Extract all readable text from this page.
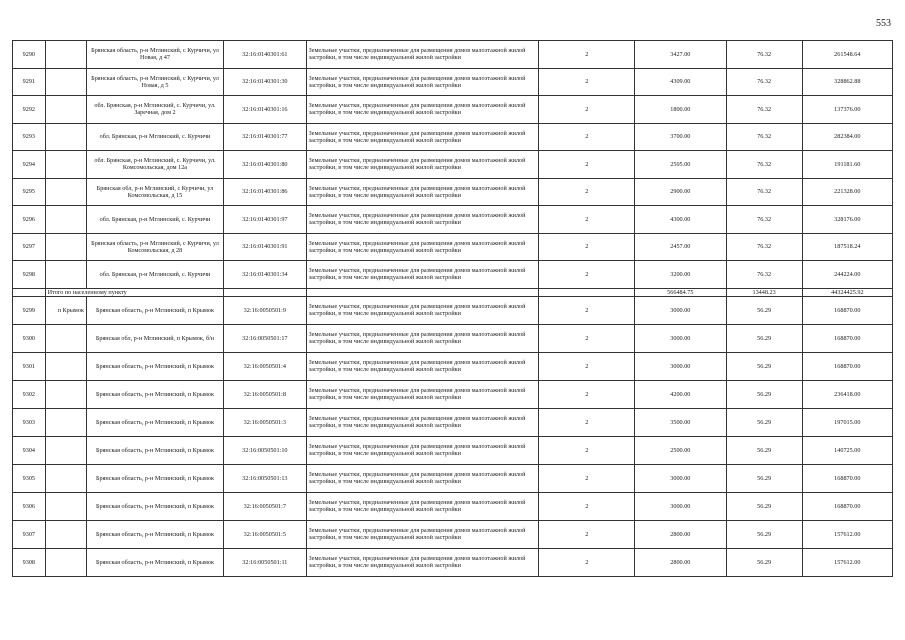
553
9290		Брянская область, р-н Мглинский, с Курчичи, ул Новая, д 47	32:16:0140301:61	Земельные участки, предназначенные для размещения домов малоэтажной жилой застройки, в том числе индивидуальной жилой застройки	2	3427.00	76.32	261548.64
9291		Брянская область, р-н Мглинский, с Курчичи, ул Новая, д 5	32:16:0140301:30	Земельные участки, предназначенные для размещения домов малоэтажной жилой застройки, в том числе индивидуальной жилой застройки	2	4309.00	76.32	328862.88
9292		обл. Брянская, р-н Мглинский, с. Курчичи, ул. Заречная, дом 2	32:16:0140301:16	Земельные участки, предназначенные для размещения домов малоэтажной жилой застройки, в том числе индивидуальной жилой застройки	2	1800.00	76.32	137376.00
9293		обл. Брянская, р-н Мглинский, с. Курчичи	32:16:0140301:77	Земельные участки, предназначенные для размещения домов малоэтажной жилой застройки, в том числе индивидуальной жилой застройки	2	3700.00	76.32	282384.00
9294		обл. Брянская, р-н Мглинский, с. Курчичи, ул. Комсомольская, дом 12а	32:16:0140301:80	Земельные участки, предназначенные для размещения домов малоэтажной жилой застройки, в том числе индивидуальной жилой застройки	2	2505.00	76.32	191181.60
9295		Брянская обл, р-н Мглинский, с Курчичи, ул Комсомольская, д 15	32:16:0140301:86	Земельные участки, предназначенные для размещения домов малоэтажной жилой застройки, в том числе индивидуальной жилой застройки	2	2900.00	76.32	221328.00
9296		обл. Брянская, р-н Мглинский, с. Курчичи	32:16:0140301:97	Земельные участки, предназначенные для размещения домов малоэтажной жилой застройки, в том числе индивидуальной жилой застройки	2	4300.00	76.32	328176.00
9297		Брянская область, р-н Мглинский, с Курчичи, ул Комсомольская, д 28	32:16:0140301:91	Земельные участки, предназначенные для размещения домов малоэтажной жилой застройки, в том числе индивидуальной жилой застройки	2	2457.00	76.32	187518.24
9298		обл. Брянская, р-н Мглинский, с. Курчичи	32:16:0140301:34	Земельные участки, предназначенные для размещения домов малоэтажной жилой застройки, в том числе индивидуальной жилой застройки	2	3200.00	76.32	244224.00
	Итого по населенному пункту					566484.75	13448.23	44324425.92
9299	п Крымок	Брянская область, р-н Мглинский, п Крымок	32:16:0050501:9	Земельные участки, предназначенные для размещения домов малоэтажной жилой застройки, в том числе индивидуальной жилой застройки	2	3000.00	56.29	168870.00
9300		Брянская обл, р-н Мглинский, п Крымок, б/н	32:16:0050501:17	Земельные участки, предназначенные для размещения домов малоэтажной жилой застройки, в том числе индивидуальной жилой застройки	2	3000.00	56.29	168870.00
9301		Брянская область, р-н Мглинский, п Крымок	32:16:0050501:4	Земельные участки, предназначенные для размещения домов малоэтажной жилой застройки, в том числе индивидуальной жилой застройки	2	3000.00	56.29	168870.00
9302		Брянская область, р-н Мглинский, п Крымок	32:16:0050501:8	Земельные участки, предназначенные для размещения домов малоэтажной жилой застройки, в том числе индивидуальной жилой застройки	2	4200.00	56.29	236418.00
9303		Брянская область, р-н Мглинский, п Крымок	32:16:0050501:3	Земельные участки, предназначенные для размещения домов малоэтажной жилой застройки, в том числе индивидуальной жилой застройки	2	3500.00	56.29	197015.00
9304		Брянская область, р-н Мглинский, п Крымок	32:16:0050501:10	Земельные участки, предназначенные для размещения домов малоэтажной жилой застройки, в том числе индивидуальной жилой застройки	2	2500.00	56.29	140725.00
9305		Брянская область, р-н Мглинский, п Крымок	32:16:0050501:13	Земельные участки, предназначенные для размещения домов малоэтажной жилой застройки, в том числе индивидуальной жилой застройки	2	3000.00	56.29	168870.00
9306		Брянская область, р-н Мглинский, п Крымок	32:16:0050501:7	Земельные участки, предназначенные для размещения домов малоэтажной жилой застройки, в том числе индивидуальной жилой застройки	2	3000.00	56.29	168870.00
9307		Брянская область, р-н Мглинский, п Крымок	32:16:0050501:5	Земельные участки, предназначенные для размещения домов малоэтажной жилой застройки, в том числе индивидуальной жилой застройки	2	2800.00	56.29	157612.00
9308		Брянская область, р-н Мглинский, п Крымок	32:16:0050501:11	Земельные участки, предназначенные для размещения домов малоэтажной жилой застройки, в том числе индивидуальной жилой застройки	2	2800.00	56.29	157612.00
